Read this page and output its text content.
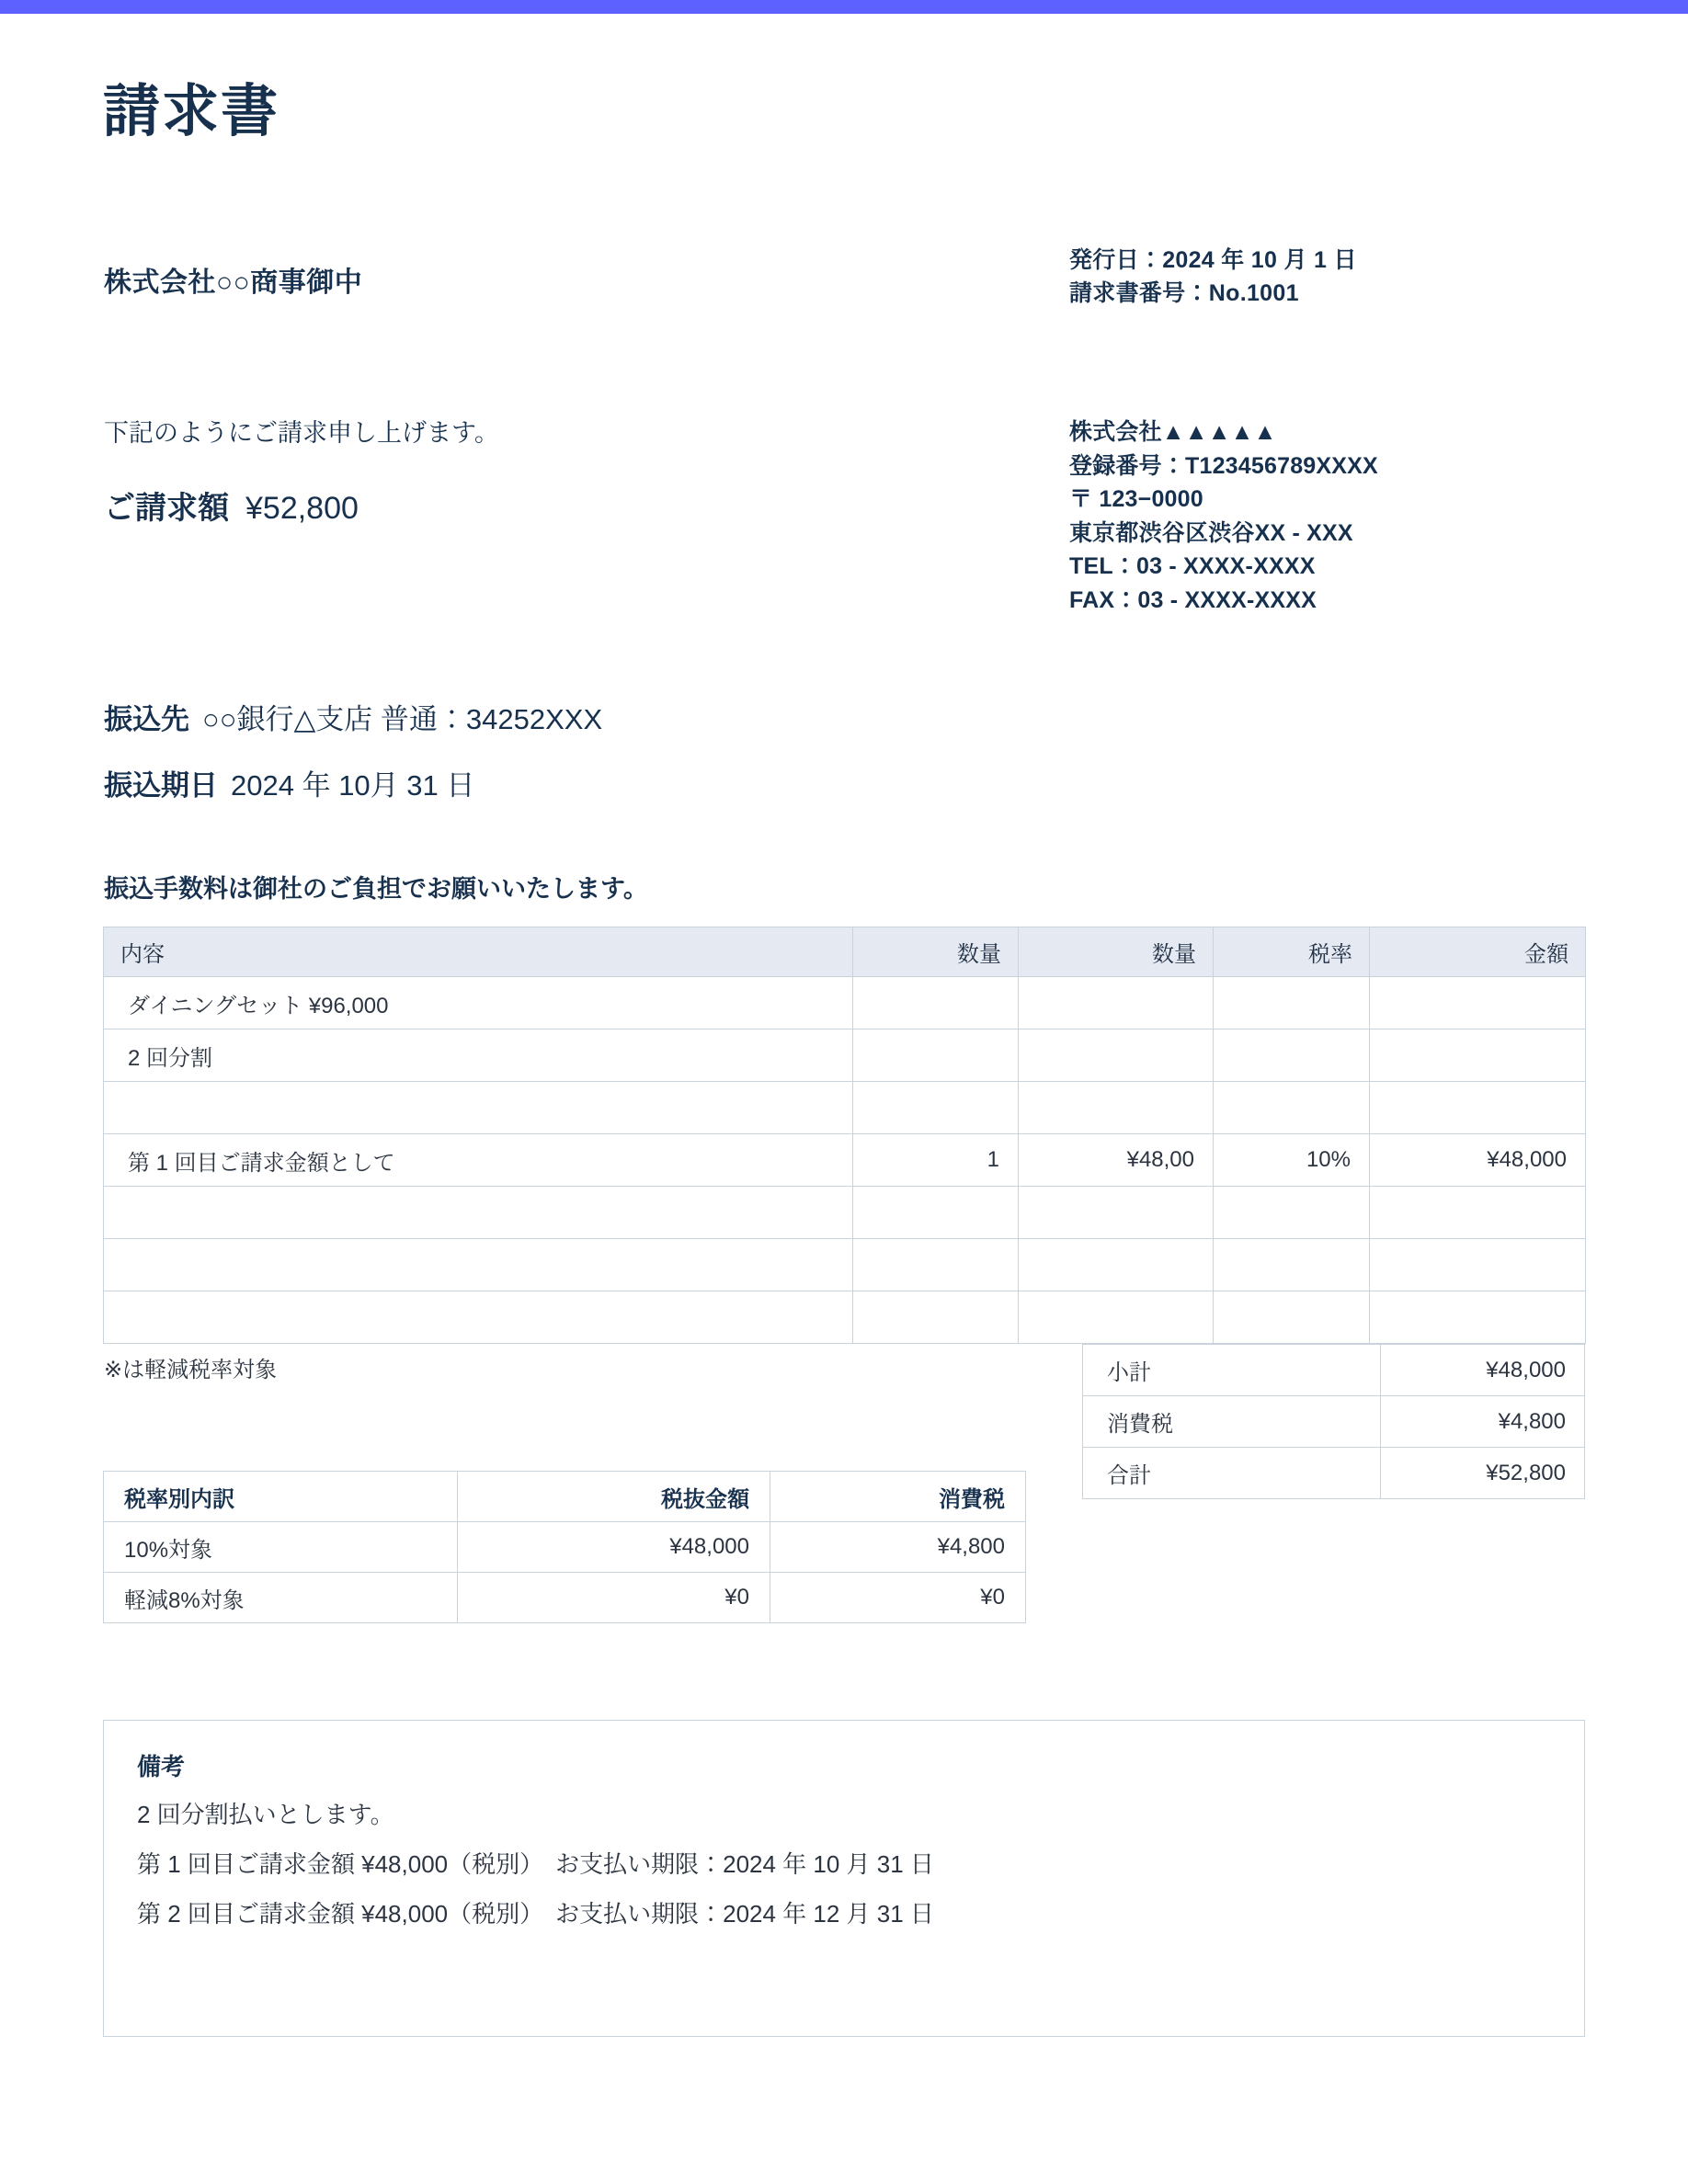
請求書
株式会社○○商事御中
発行日：2024 年 10 月 1 日
請求書番号：No.1001
下記のようにご請求申し上げます。
ご請求額 ¥52,800
株式会社▲▲▲▲▲
登録番号：T123456789XXXX
〒 123−0000
東京都渋谷区渋谷XX - XXX
TEL：03 - XXXX-XXXX
FAX：03 - XXXX-XXXX
振込先 ○○銀行△支店 普通：34252XXX
振込期日 2024 年 10月 31 日
振込手数料は御社のご負担でお願いいたします。
内容	数量	数量	税率	金額
ダイニングセット ¥96,000				
2 回分割				

第 1 回目ご請求金額として	1	¥48,00	10%	¥48,000

※は軽減税率対象	小計	¥48,000
消費税	¥4,800
合計	¥52,800
税率別内訳	税抜金額	消費税
10%対象	¥48,000	¥4,800
軽減8%対象	¥0	¥0
備考
2 回分割払いとします。
第 1 回目ご請求金額 ¥48,000（税別）　お支払い期限：2024 年 10 月 31 日
第 2 回目ご請求金額 ¥48,000（税別）　お支払い期限：2024 年 12 月 31 日
